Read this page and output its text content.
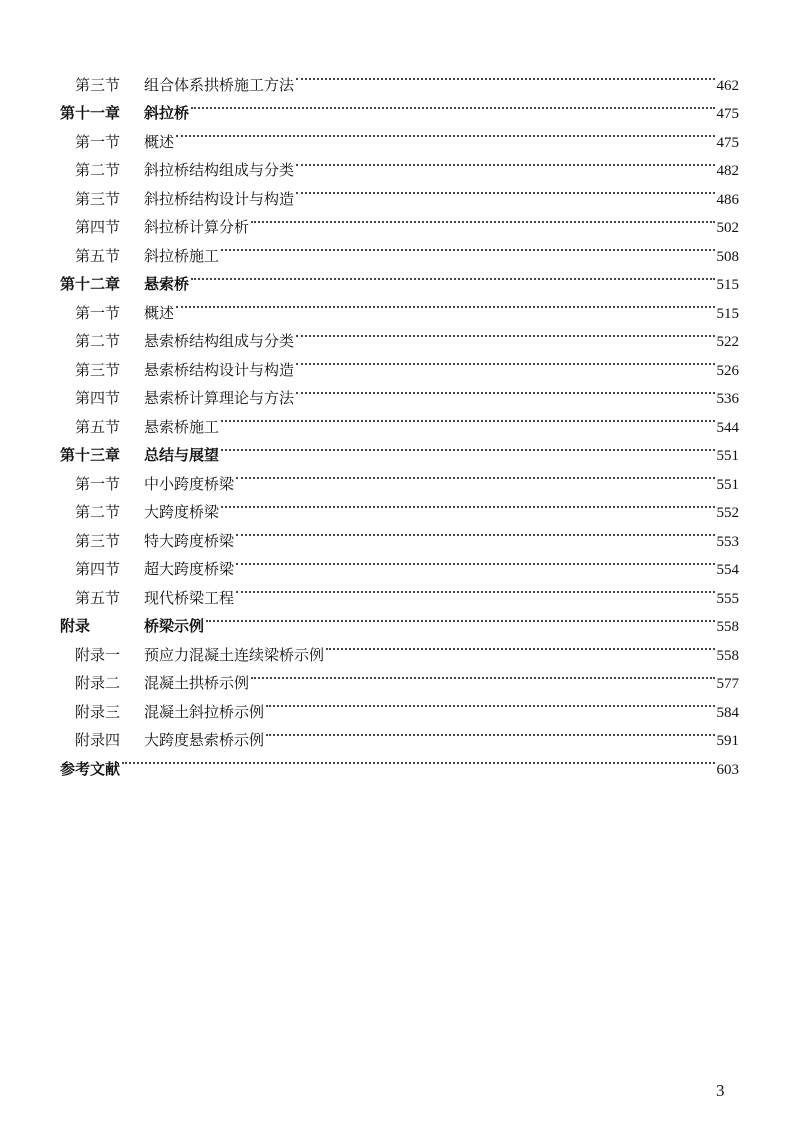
第三节	组合体系拱桥施工方法	462
第十一章	斜拉桥	475
第一节	概述	475
第二节	斜拉桥结构组成与分类	482
第三节	斜拉桥结构设计与构造	486
第四节	斜拉桥计算分析	502
第五节	斜拉桥施工	508
第十二章	悬索桥	515
第一节	概述	515
第二节	悬索桥结构组成与分类	522
第三节	悬索桥结构设计与构造	526
第四节	悬索桥计算理论与方法	536
第五节	悬索桥施工	544
第十三章	总结与展望	551
第一节	中小跨度桥梁	551
第二节	大跨度桥梁	552
第三节	特大跨度桥梁	553
第四节	超大跨度桥梁	554
第五节	现代桥梁工程	555
附录	桥梁示例	558
附录一	预应力混凝土连续梁桥示例	558
附录二	混凝土拱桥示例	577
附录三	混凝土斜拉桥示例	584
附录四	大跨度悬索桥示例	591
参考文献	603
3
